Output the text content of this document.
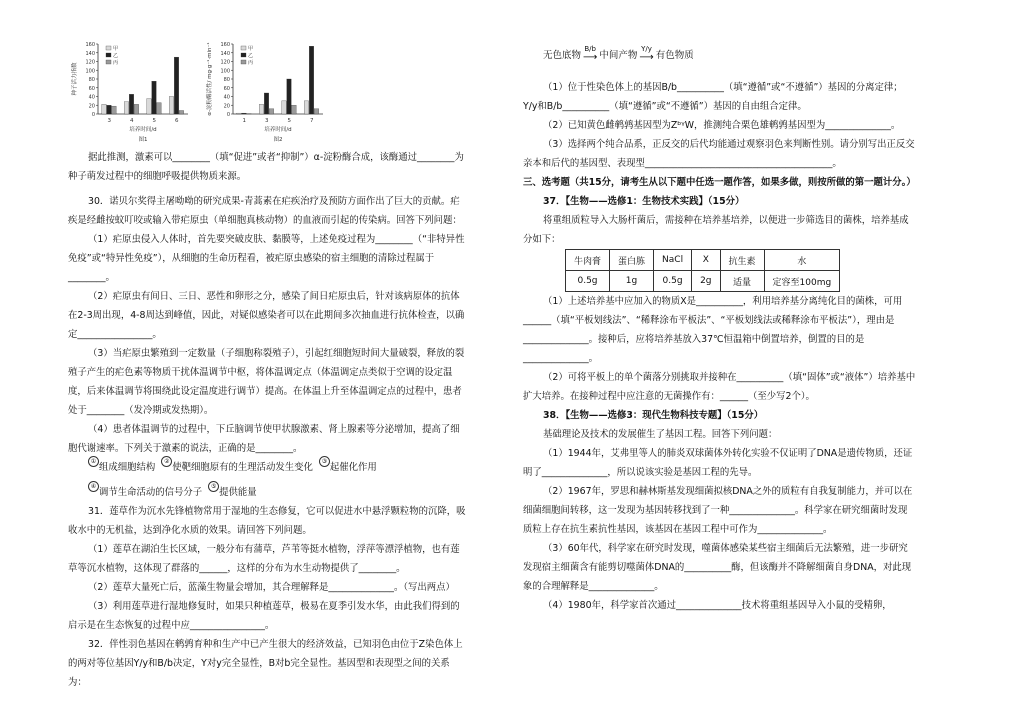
0
20
40
60
80
100
120
140
160
种子活力指数
3	4	5	6
培养时间/d
图1
甲
乙
丙
0
20
40
60
80
100
120
140
160
α-淀粉酶活性/ mg·g⁻¹·min⁻¹
1	3	5	7
培养时间/d
图2
甲
乙
丙

据此推测，激素可以________（填“促进”或者“抑制”）α-淀粉酶合成，该酶通过________为种子萌发过程中的细胞呼吸提供物质来源。

30．诺贝尔奖得主屠呦呦的研究成果-青蒿素在疟疾治疗及预防方面作出了巨大的贡献。疟疾是经雌按蚊叮咬或输入带疟原虫（单细胞真核动物）的血液而引起的传染病。回答下列问题：

（1）疟原虫侵入人体时，首先要突破皮肤、黏膜等，上述免疫过程为________（“非特异性免疫”或“特异性免疫”），从细胞的生命历程看，被疟原虫感染的宿主细胞的清除过程属于________。

（2）疟原虫有间日、三日、恶性和卵形之分，感染了间日疟原虫后，针对该病原体的抗体在2-3周出现，4-8周达到峰值，因此，对疑似感染者可以在此期间多次抽血进行抗体检查，以确定________________。

（3）当疟原虫繁殖到一定数量（子细胞称裂殖子），引起红细胞短时间大量破裂，释放的裂殖子产生的疟色素等物质干扰体温调节中枢，将体温调定点（体温调定点类似于空调的设定温度，后来体温调节将围绕此设定温度进行调节）提高。在体温上升至体温调定点的过程中，患者处于________（发冷期或发热期）。

（4）患者体温调节的过程中，下丘脑调节使甲状腺激素、肾上腺素等分泌增加，提高了细胞代谢速率。下列关于激素的说法，正确的是________。

①组成细胞结构
②使靶细胞原有的生理活动发生变化
③起催化作用
④调节生命活动的信号分子
⑤提供能量

31．莲草作为沉水先锋植物常用于湿地的生态修复，它可以促进水中悬浮颗粒物的沉降，吸收水中的无机盐，达到净化水质的效果。请回答下列问题。

（1）莲草在湖泊生长区域，一般分布有蒲草，芦苇等挺水植物，浮萍等漂浮植物，也有莲草等沉水植物，这体现了群落的______，这样的分布为水生动物提供了________。

（2）莲草大量死亡后，蓝藻生物量会增加，其合理解释是______________。（写出两点）

（3）利用莲草进行湿地修复时，如果只种植莲草，极易在夏季引发水华，由此我们得到的启示是在生态恢复的过程中应________________。

32．伴性羽色基因在鹌鹑育种和生产中已产生很大的经济效益，已知羽色由位于Z染色体上的两对等位基因Y/y和B/b决定，Y对y完全显性，B对b完全显性。基因型和表现型之间的关系为：

无色底物
B/b
⟶ 中间产物
Y/y
⟶ 有色物质

（1）位于性染色体上的基因B/b__________（填“遵循”或“不遵循”）基因的分离定律；Y/y和B/b__________（填“遵循”或“不遵循”）基因的自由组合定律。

（2）已知黄色雌鹌鹑基因型为ZᵇᵞW，推测纯合栗色雄鹌鹑基因型为______________。

（3）选择两个纯合品系，正反交的后代均能通过观察羽色来判断性别。请分别写出正反交亲本和后代的基因型、表现型________________________________________。

三、选考题（共15分，请考生从以下题中任选一题作答，如果多做，则按所做的第一题计分。）

37．【生物——选修1：生物技术实践】（15分）

将重组质粒导入大肠杆菌后，需接种在培养基培养，以便进一步筛选目的菌株，培养基成分如下：

牛肉膏	蛋白胨	NaCl	X	抗生素	水
0.5g	1g	0.5g	2g	适量	定容至100mg

（1）上述培养基中应加入的物质X是__________，利用培养基分离纯化目的菌株，可用______（填“平板划线法”、“稀释涂布平板法”、“平板划线法或稀释涂布平板法”），理由是______________。接种后，应将培养基放入37℃恒温箱中倒置培养，倒置的目的是______________。

（2）可将平板上的单个菌落分别挑取并接种在__________（填“固体”或“液体”）培养基中扩大培养。在接种过程中应注意的无菌操作有：______（至少写2个）。

38．【生物——选修3：现代生物科技专题】（15分）

基础理论及技术的发展催生了基因工程。回答下列问题：

（1）1944年，艾弗里等人的肺炎双球菌体外转化实验不仅证明了DNA是遗传物质，还证明了______________，所以说该实验是基因工程的先导。

（2）1967年，罗思和赫林斯基发现细菌拟核DNA之外的质粒有自我复制能力，并可以在细菌细胞间转移，这一发现为基因转移找到了一种______________。科学家在研究细菌时发现质粒上存在抗生素抗性基因，该基因在基因工程中可作为______________。

（3）60年代，科学家在研究时发现，噬菌体感染某些宿主细菌后无法繁殖，进一步研究发现宿主细菌含有能剪切噬菌体DNA的__________酶，但该酶并不降解细菌自身DNA，对此现象的合理解释是______________。

（4）1980年，科学家首次通过______________技术将重组基因导入小鼠的受精卵，
